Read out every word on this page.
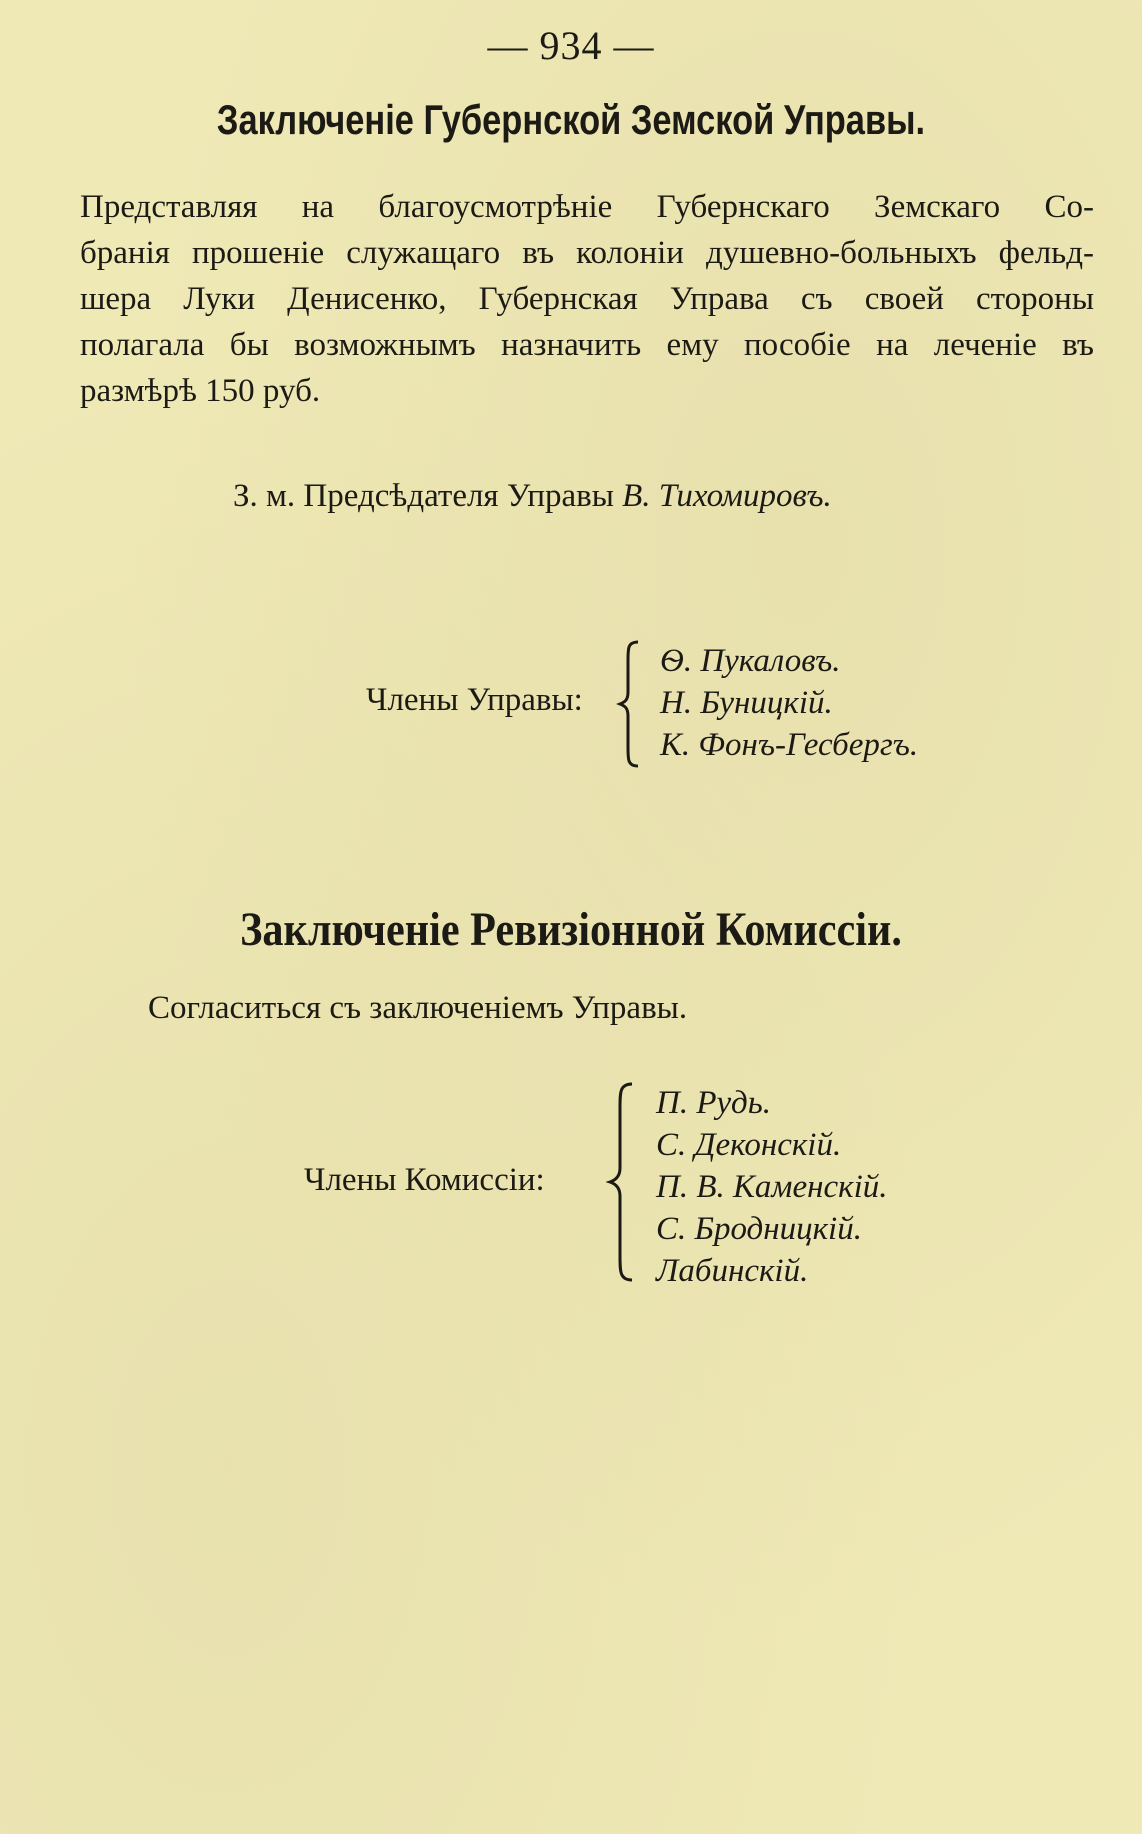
— 934 —
Заключеніе Губернской Земской Управы.
Представляя на благоусмотрѣніе Губернскаго Земскаго Со-
бранія прошеніе служащаго въ колоніи душевно-больныхъ фельд-
шера Луки Денисенко, Губернская Управа съ своей стороны
полагала бы возможнымъ назначить ему пособіе на леченіе въ
размѣрѣ 150 руб.
З. м. Предсѣдателя Управы В. Тихомировъ.
Члены Управы:
Ѳ. Пукаловъ.
Н. Буницкій.
К. Фонъ-Гесбергъ.
Заключеніе Ревизіонной Комиссіи.
Согласиться съ заключеніемъ Управы.
Члены Комиссіи:
П. Рудь.
С. Деконскій.
П. В. Каменскій.
С. Бродницкій.
Лабинскій.
